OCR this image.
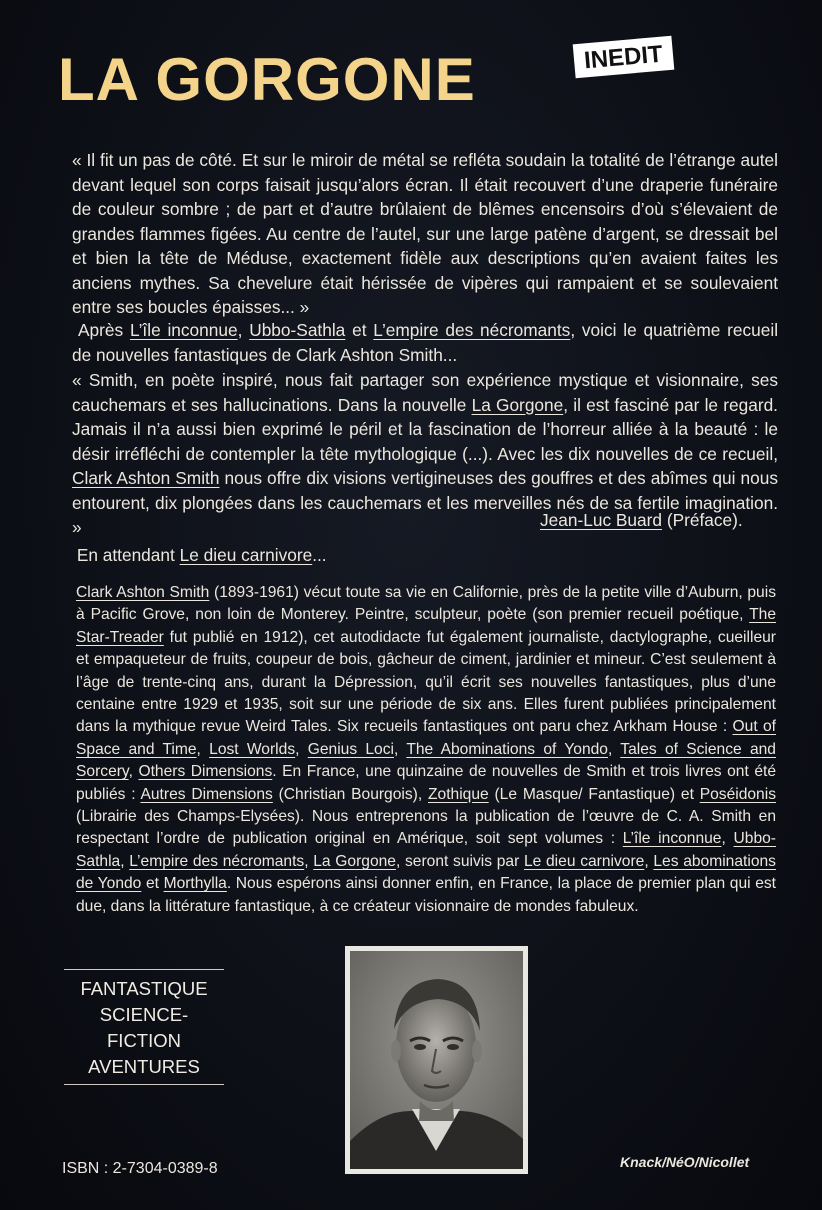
LA GORGONE	INEDIT
« Il fit un pas de côté. Et sur le miroir de métal se refléta soudain la totalité de l’étrange autel devant lequel son corps faisait jusqu’alors écran. Il était recouvert d’une draperie funéraire de couleur sombre ; de part et d’autre brûlaient de blêmes encensoirs d’où s’élevaient de grandes flammes figées. Au centre de l’autel, sur une large patène d’argent, se dressait bel et bien la tête de Méduse, exactement fidèle aux descriptions qu’en avaient faites les anciens mythes. Sa chevelure était hérissée de vipères qui rampaient et se soulevaient entre ses boucles épaisses... »
Après L’île inconnue, Ubbo-Sathla et L’empire des nécromants, voici le quatrième recueil de nouvelles fantastiques de Clark Ashton Smith...
« Smith, en poète inspiré, nous fait partager son expérience mystique et visionnaire, ses cauchemars et ses hallucinations. Dans la nouvelle La Gorgone, il est fasciné par le regard. Jamais il n’a aussi bien exprimé le péril et la fascination de l’horreur alliée à la beauté : le désir irréfléchi de contempler la tête mythologique (...). Avec les dix nouvelles de ce recueil, Clark Ashton Smith nous offre dix visions vertigineuses des gouffres et des abîmes qui nous entourent, dix plongées dans les cauchemars et les merveilles nés de sa fertile imagination. »	Jean-Luc Buard (Préface).
En attendant Le dieu carnivore...
Clark Ashton Smith (1893-1961) vécut toute sa vie en Californie, près de la petite ville d’Auburn, puis à Pacific Grove, non loin de Monterey. Peintre, sculpteur, poète (son premier recueil poétique, The Star-Treader fut publié en 1912), cet autodidacte fut également journaliste, dactylographe, cueilleur et empaqueteur de fruits, coupeur de bois, gâcheur de ciment, jardinier et mineur. C’est seulement à l’âge de trente-cinq ans, durant la Dépression, qu’il écrit ses nouvelles fantastiques, plus d’une centaine entre 1929 et 1935, soit sur une période de six ans. Elles furent publiées principalement dans la mythique revue Weird Tales. Six recueils fantastiques ont paru chez Arkham House : Out of Space and Time, Lost Worlds, Genius Loci, The Abominations of Yondo, Tales of Science and Sorcery, Others Dimensions. En France, une quinzaine de nouvelles de Smith et trois livres ont été publiés : Autres Dimensions (Christian Bourgois), Zothique (Le Masque/ Fantastique) et Poséidonis (Librairie des Champs-Elysées). Nous entreprenons la publication de l’œuvre de C. A. Smith en respectant l’ordre de publication original en Amérique, soit sept volumes : L’île inconnue, Ubbo-Sathla, L’empire des nécromants, La Gorgone, seront suivis par Le dieu carnivore, Les abominations de Yondo et Morthylla. Nous espérons ainsi donner enfin, en France, la place de premier plan qui est due, dans la littérature fantastique, à ce créateur visionnaire de mondes fabuleux.
FANTASTIQUE
SCIENCE-FICTION
AVENTURES
ISBN : 2-7304-0389-8	Knack/NéO/Nicollet
